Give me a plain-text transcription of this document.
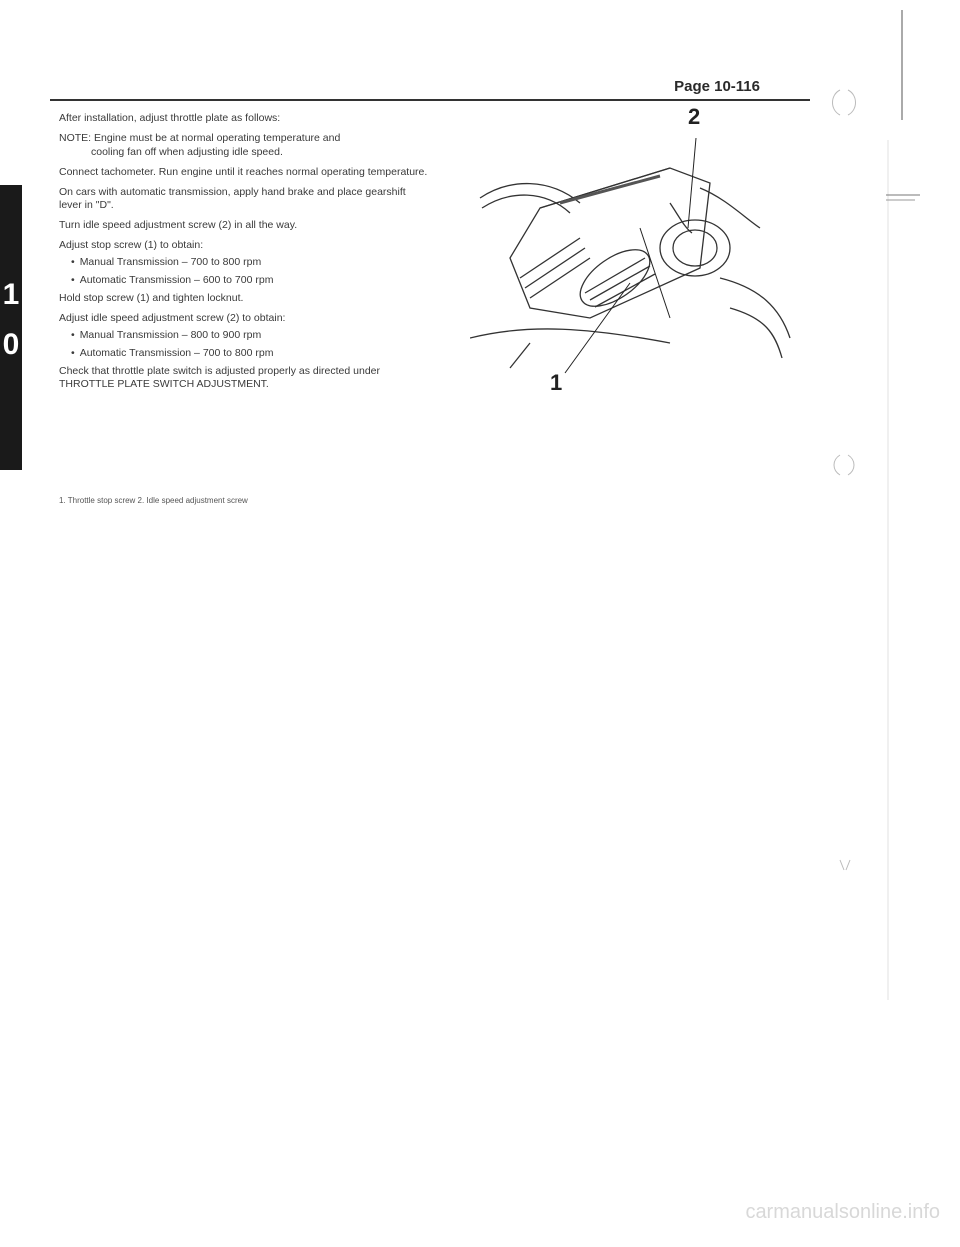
Page 10-116
1
0

After installation, adjust throttle plate as follows:

NOTE: Engine must be at normal operating temperature and

cooling fan off when adjusting idle speed.

Connect tachometer. Run engine until it reaches normal operating temperature.

On cars with automatic transmission, apply hand brake and place gearshift lever in "D".

Turn idle speed adjustment screw (2) in all the way.

Adjust stop screw (1) to obtain:

• Manual Transmission – 700 to 800 rpm

• Automatic Transmission – 600 to 700 rpm

Hold stop screw (1) and tighten locknut.

Adjust idle speed adjustment screw (2) to obtain:

• Manual Transmission – 800 to 900 rpm

• Automatic Transmission – 700 to 800 rpm

Check that throttle plate switch is adjusted properly as directed under THROTTLE PLATE SWITCH ADJUSTMENT.

1. Throttle stop screw 2. Idle speed adjustment screw
2
1
carmanualsonline.info
